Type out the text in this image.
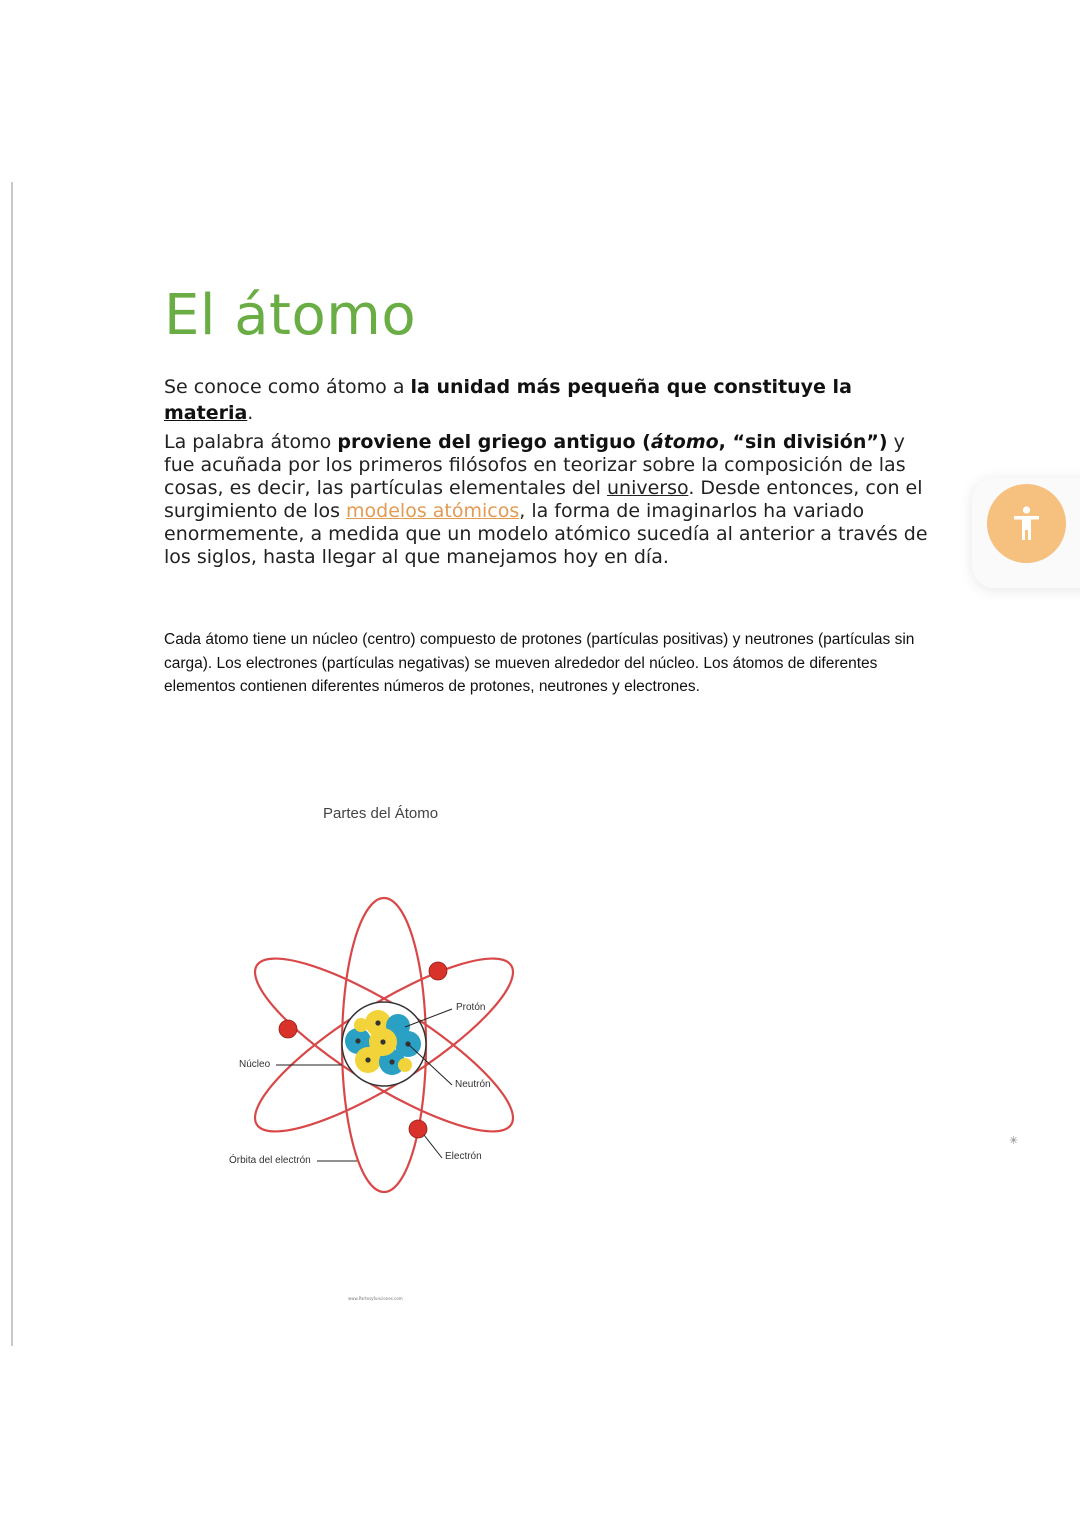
El átomo

Se conoce como átomo a la unidad más pequeña que constituye la materia.

La palabra átomo proviene del griego antiguo (átomo, “sin división”) y fue acuñada por los primeros filósofos en teorizar sobre la composición de las cosas, es decir, las partículas elementales del universo. Desde entonces, con el surgimiento de los modelos atómicos, la forma de imaginarlos ha variado enormemente, a medida que un modelo atómico sucedía al anterior a través de los siglos, hasta llegar al que manejamos hoy en día.

Cada átomo tiene un núcleo (centro) compuesto de protones (partículas positivas) y neutrones (partículas sin carga). Los electrones (partículas negativas) se mueven alrededor del núcleo. Los átomos de diferentes elementos contienen diferentes números de protones, neutrones y electrones.

Partes del Átomo

Protón
Núcleo
Neutrón
Órbita del electrón	Electrón
www.Partesyfunciones.com
✳
